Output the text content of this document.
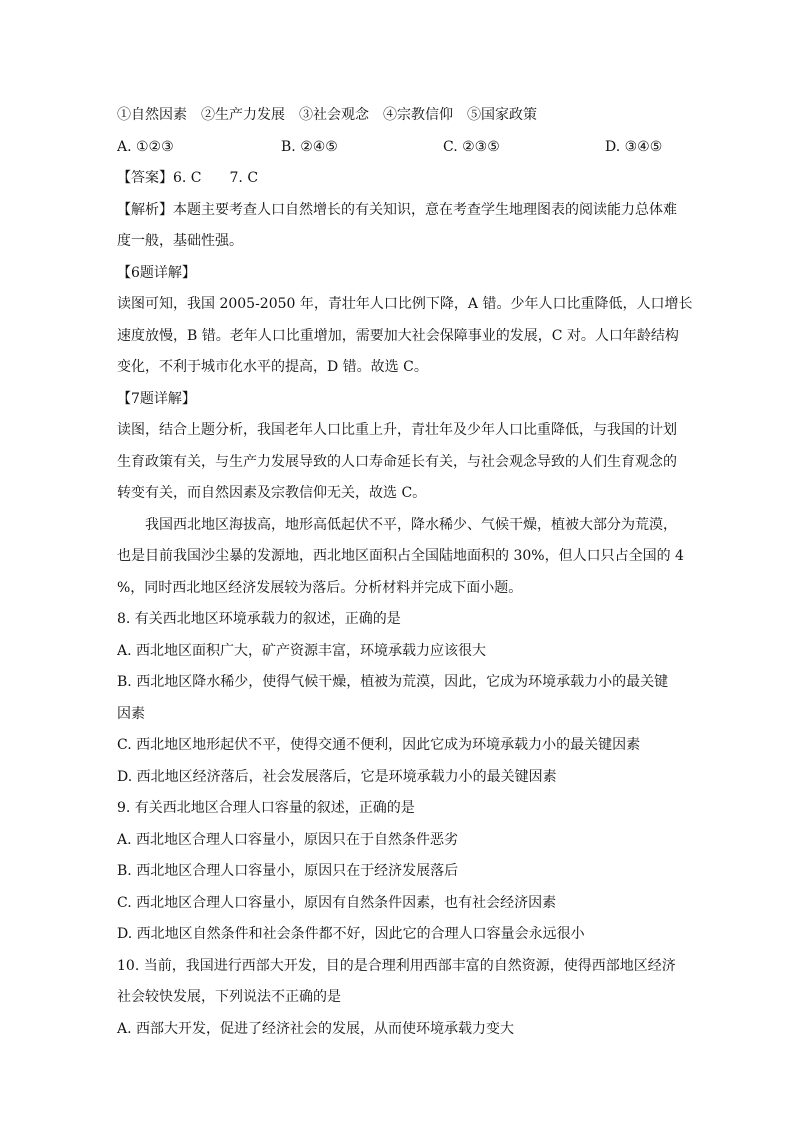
①自然因素　②生产力发展　③社会观念　④宗教信仰　⑤国家政策

A. ①②③	B. ②④⑤	C. ②③⑤	D. ③④⑤

【答案】6. C　　7. C

【解析】本题主要考查人口自然增长的有关知识，意在考查学生地理图表的阅读能力总体难

度一般，基础性强。

【6题详解】

读图可知，我国 2005-2050 年，青壮年人口比例下降，A 错。少年人口比重降低，人口增长

速度放慢，B 错。老年人口比重增加，需要加大社会保障事业的发展，C 对。人口年龄结构

变化，不利于城市化水平的提高，D 错。故选 C。

【7题详解】

读图，结合上题分析，我国老年人口比重上升，青壮年及少年人口比重降低，与我国的计划

生育政策有关，与生产力发展导致的人口寿命延长有关，与社会观念导致的人们生育观念的

转变有关，而自然因素及宗教信仰无关，故选 C。

我国西北地区海拔高，地形高低起伏不平，降水稀少、气候干燥，植被大部分为荒漠，

也是目前我国沙尘暴的发源地，西北地区面积占全国陆地面积的 30%，但人口只占全国的 4

%，同时西北地区经济发展较为落后。分析材料并完成下面小题。

8. 有关西北地区环境承载力的叙述，正确的是

A. 西北地区面积广大，矿产资源丰富，环境承载力应该很大

B. 西北地区降水稀少，使得气候干燥，植被为荒漠，因此，它成为环境承载力小的最关键

因素

C. 西北地区地形起伏不平，使得交通不便利，因此它成为环境承载力小的最关键因素

D. 西北地区经济落后，社会发展落后，它是环境承载力小的最关键因素

9. 有关西北地区合理人口容量的叙述，正确的是

A. 西北地区合理人口容量小，原因只在于自然条件恶劣

B. 西北地区合理人口容量小，原因只在于经济发展落后

C. 西北地区合理人口容量小，原因有自然条件因素，也有社会经济因素

D. 西北地区自然条件和社会条件都不好，因此它的合理人口容量会永远很小

10. 当前，我国进行西部大开发，目的是合理利用西部丰富的自然资源，使得西部地区经济

社会较快发展，下列说法不正确的是

A. 西部大开发，促进了经济社会的发展，从而使环境承载力变大
